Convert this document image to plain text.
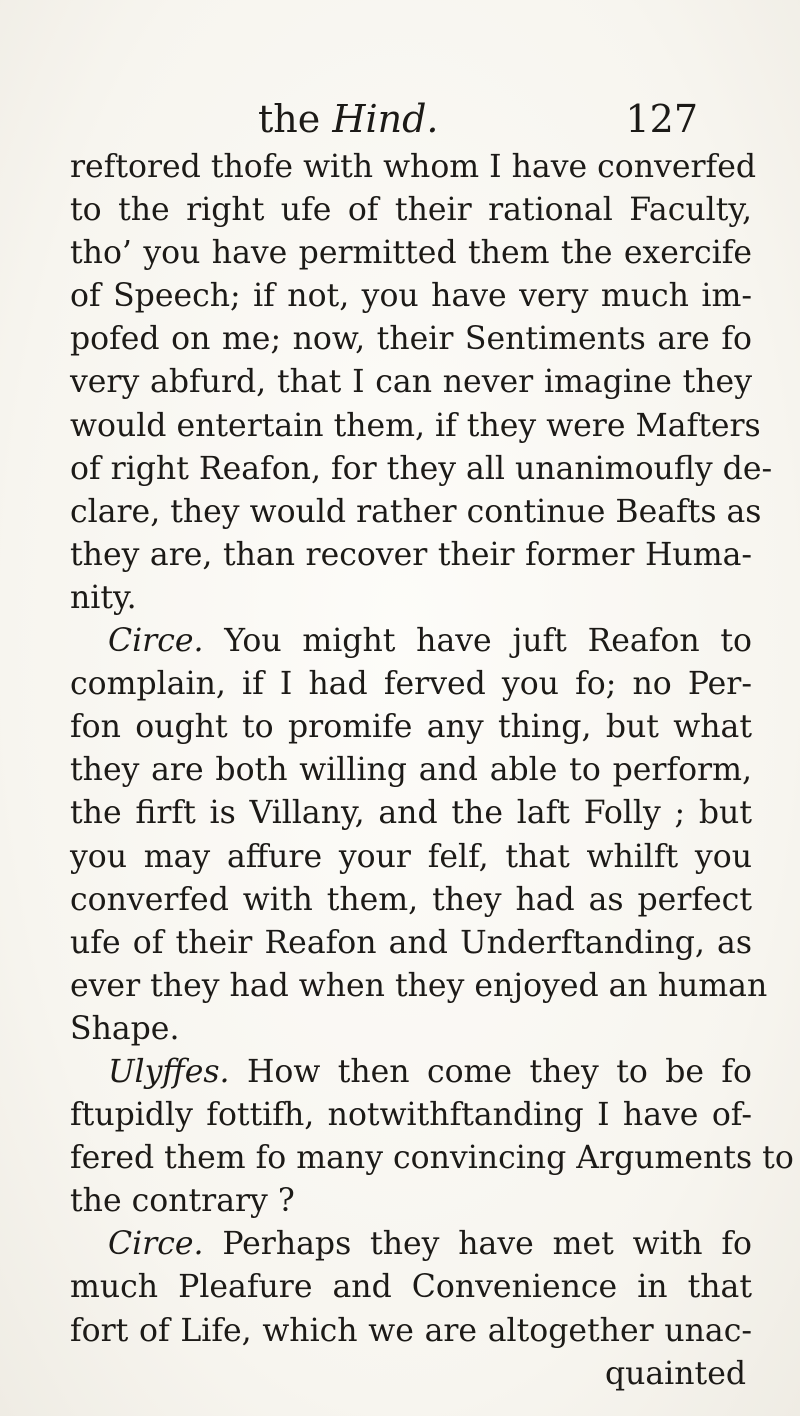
the Hind.	127
reftored thofe with whom I have converfed
to the right ufe of their rational Faculty,
tho’ you have permitted them the exercife
of Speech; if not, you have very much im-
pofed on me; now, their Sentiments are fo
very abfurd, that I can never imagine they
would entertain them, if they were Mafters
of right Reafon, for they all unanimoufly de-
clare, they would rather continue Beafts as
they are, than recover their former Huma-
nity.
Circe. You might have juft Reafon to
complain, if I had ferved you fo; no Per-
fon ought to promife any thing, but what
they are both willing and able to perform,
the firft is Villany, and the laft Folly ; but
you may affure your felf, that whilft you
converfed with them, they had as perfect
ufe of their Reafon and Underftanding, as
ever they had when they enjoyed an human
Shape.
Ulyffes. How then come they to be fo
ftupidly fottifh, notwithftanding I have of-
fered them fo many convincing Arguments to
the contrary ?
Circe. Perhaps they have met with fo
much Pleafure and Convenience in that
fort of Life, which we are altogether unac-
quainted
